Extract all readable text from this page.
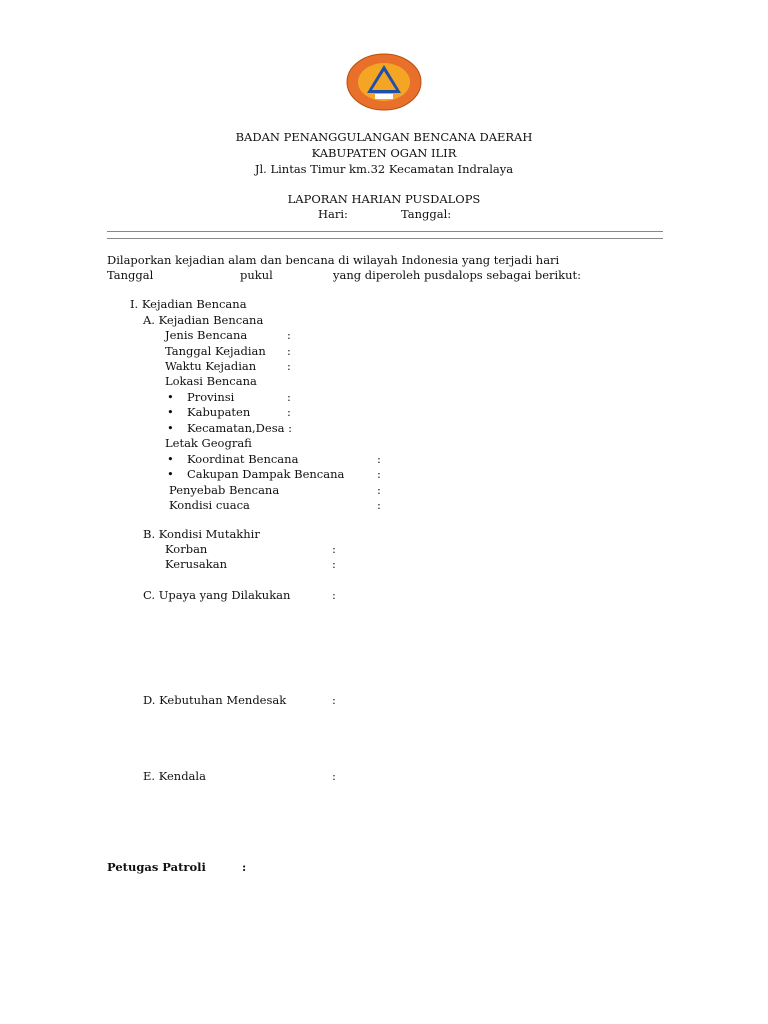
BADAN PENANGGULANGAN BENCANA DAERAH
KABUPATEN OGAN ILIR
Jl. Lintas Timur km.32 Kecamatan Indralaya
LAPORAN HARIAN PUSDALOPS
Hari:	Tanggal:
Dilaporkan kejadian alam dan bencana di wilayah Indonesia yang terjadi hari
Tanggal	pukul	yang diperoleh pusdalops sebagai berikut:
I. Kejadian Bencana
A. Kejadian Bencana
Jenis Bencana	:
Tanggal Kejadian :
Waktu Kejadian	:
Lokasi Bencana
• Provinsi	:
• Kabupaten	:
• Kecamatan,Desa :
Letak Geografi
• Koordinat Bencana	:
• Cakupan Dampak Bencana	:
Penyebab Bencana	:
Kondisi cuaca	:
B. Kondisi Mutakhir
Korban	:
Kerusakan	:
C. Upaya yang Dilakukan	:
D. Kebutuhan Mendesak	:
E. Kendala	:
Petugas Patroli	:
